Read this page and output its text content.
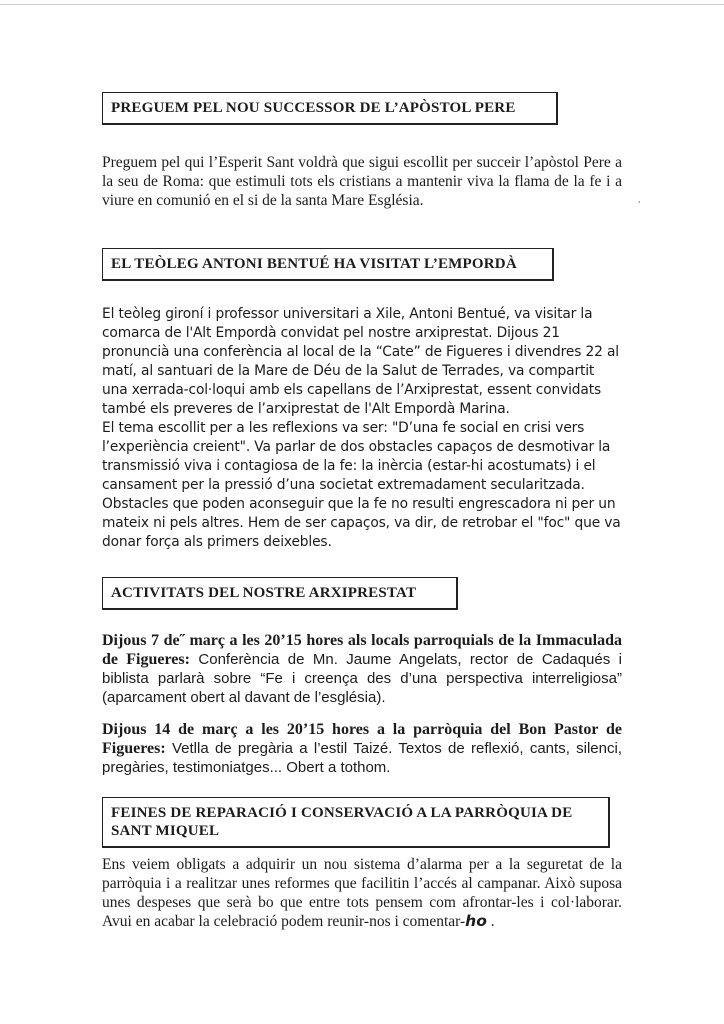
,
PREGUEM PEL NOU SUCCESSOR DE L’APÒSTOL PERE

Preguem pel qui l’Esperit Sant voldrà que sigui escollit per succeir l’apòstol Pere a la seu de Roma: que estimuli tots els cristians a mantenir viva la flama de la fe i a viure en comunió en el si de la santa Mare Església.

EL TEÒLEG ANTONI BENTUÉ HA VISITAT L’EMPORDÀ

El teòleg gironí i professor universitari a Xile, Antoni Bentué, va visitar la comarca de l'Alt Empordà convidat pel nostre arxiprestat. Dijous 21 pronuncià una conferència al local de la “Cate” de Figueres i divendres 22 al matí, al santuari de la Mare de Déu de la Salut de Terrades, va compartit una xerrada-col·loqui amb els capellans de l’Arxiprestat, essent convidats també els preveres de l’arxiprestat de l'Alt Empordà Marina.

El tema escollit per a les reflexions va ser: "D’una fe social en crisi vers l’experiència creient". Va parlar de dos obstacles capaços de desmotivar la transmissió viva i contagiosa de la fe: la inèrcia (estar-hi acostumats) i el cansament per la pressió d’una societat extremadament secularitzada. Obstacles que poden aconseguir que la fe no resulti engrescadora ni per un mateix ni pels altres. Hem de ser capaços, va dir, de retrobar el "foc" que va donar força als primers deixebles.

ACTIVITATS DEL NOSTRE ARXIPRESTAT

Dijous 7 de˝ març a les 20’15 hores als locals parroquials de la Immaculada de Figueres: Conferència de Mn. Jaume Angelats, rector de Cadaqués i biblista parlarà sobre “Fe i creença des d’una perspectiva interreligiosa” (aparcament obert al davant de l’església).

Dijous 14 de març a les 20’15 hores a la parròquia del Bon Pastor de Figueres: Vetlla de pregària a l’estil Taizé. Textos de reflexió, cants, silenci, pregàries, testimoniatges... Obert a tothom.

FEINES DE REPARACIÓ I CONSERVACIÓ A LA PARRÒQUIA DE SANT MIQUEL

Ens veiem obligats a adquirir un nou sistema d’alarma per a la seguretat de la parròquia i a realitzar unes reformes que facilitin l’accés al campanar. Això suposa unes despeses que serà bo que entre tots pensem com afrontar-les i col·laborar. Avui en acabar la celebració podem reunir-nos i comentar-ho .
